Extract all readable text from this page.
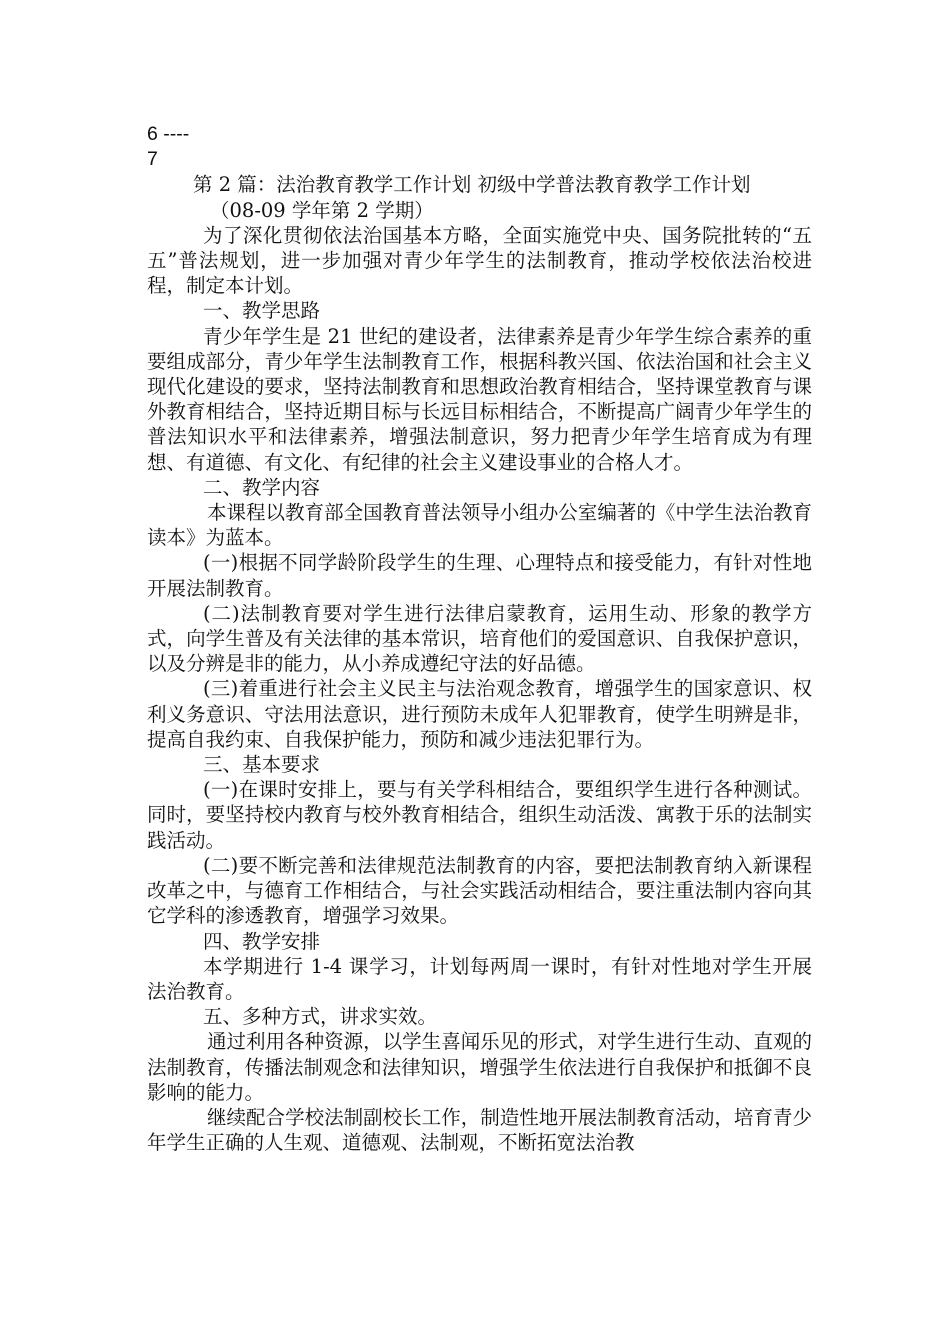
6 ----

7

第 2 篇：法治教育教学工作计划 初级中学普法教育教学工作计划

（08-09 学年第 2 学期）

为了深化贯彻依法治国基本方略，全面实施党中央、国务院批转的“五五”普法规划，进一步加强对青少年学生的法制教育，推动学校依法治校进程，制定本计划。

一、教学思路

青少年学生是 21 世纪的建设者，法律素养是青少年学生综合素养的重要组成部分，青少年学生法制教育工作，根据科教兴国、依法治国和社会主义现代化建设的要求，坚持法制教育和思想政治教育相结合，坚持课堂教育与课外教育相结合，坚持近期目标与长远目标相结合，不断提高广阔青少年学生的普法知识水平和法律素养，增强法制意识，努力把青少年学生培育成为有理想、有道德、有文化、有纪律的社会主义建设事业的合格人才。

二、教学内容

本课程以教育部全国教育普法领导小组办公室编著的《中学生法治教育读本》为蓝本。

(一)根据不同学龄阶段学生的生理、心理特点和接受能力，有针对性地开展法制教育。

(二)法制教育要对学生进行法律启蒙教育，运用生动、形象的教学方式，向学生普及有关法律的基本常识，培育他们的爱国意识、自我保护意识，以及分辨是非的能力，从小养成遵纪守法的好品德。

(三)着重进行社会主义民主与法治观念教育，增强学生的国家意识、权利义务意识、守法用法意识，进行预防未成年人犯罪教育，使学生明辨是非，提高自我约束、自我保护能力，预防和减少违法犯罪行为。

三、基本要求

(一)在课时安排上，要与有关学科相结合，要组织学生进行各种测试。同时，要坚持校内教育与校外教育相结合，组织生动活泼、寓教于乐的法制实践活动。

(二)要不断完善和法律规范法制教育的内容，要把法制教育纳入新课程改革之中，与德育工作相结合，与社会实践活动相结合，要注重法制内容向其它学科的渗透教育，增强学习效果。

四、教学安排

本学期进行 1-4 课学习，计划每两周一课时，有针对性地对学生开展法治教育。

五、多种方式，讲求实效。

通过利用各种资源，以学生喜闻乐见的形式，对学生进行生动、直观的法制教育，传播法制观念和法律知识，增强学生依法进行自我保护和抵御不良影响的能力。

继续配合学校法制副校长工作，制造性地开展法制教育活动，培育青少年学生正确的人生观、道德观、法制观，不断拓宽法治教
